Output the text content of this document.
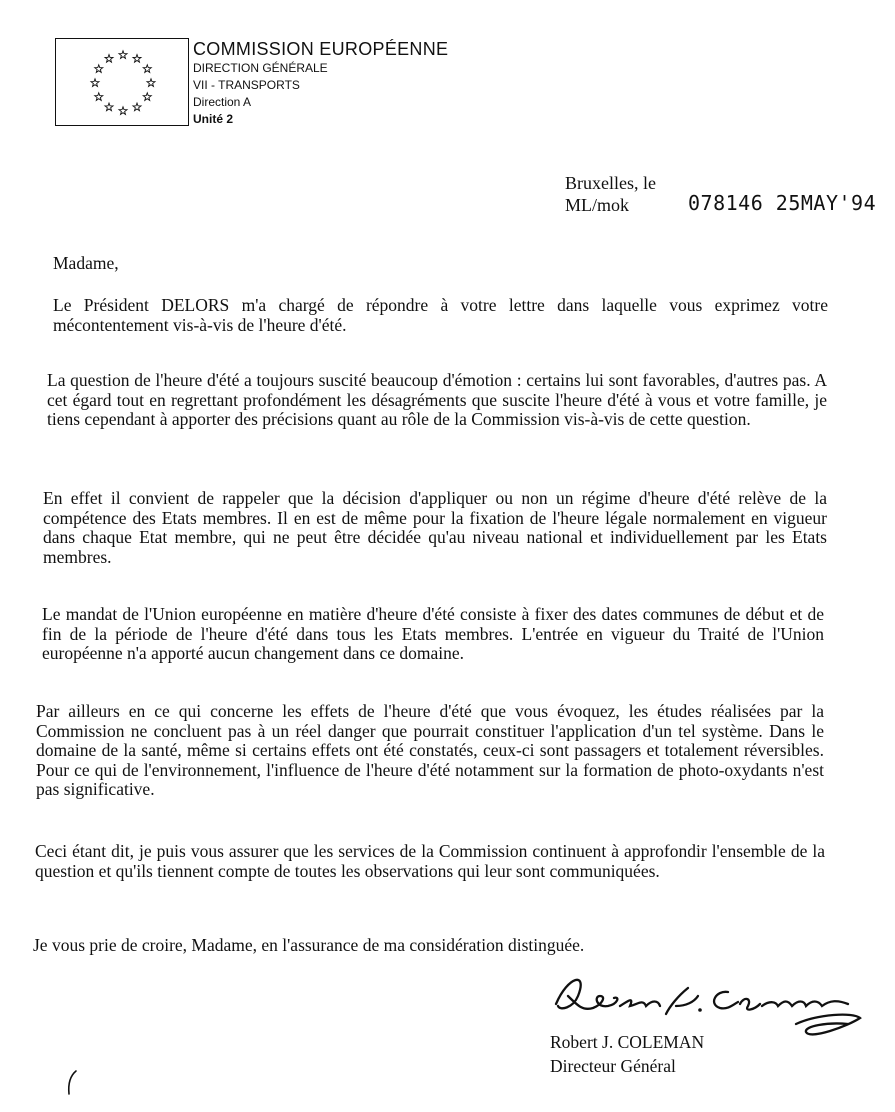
COMMISSION EUROPÉENNE
DIRECTION GÉNÉRALE
VII - TRANSPORTS
Direction A
Unité 2
Bruxelles, le
ML/mok	078146 25MAY'94
Madame,
Le Président DELORS m'a chargé de répondre à votre lettre dans laquelle vous exprimez votre mécontentement vis-à-vis de l'heure d'été.
La question de l'heure d'été a toujours suscité beaucoup d'émotion : certains lui sont favorables, d'autres pas. A cet égard tout en regrettant profondément les désagréments que suscite l'heure d'été à vous et votre famille, je tiens cependant à apporter des précisions quant au rôle de la Commission vis-à-vis de cette question.
En effet il convient de rappeler que la décision d'appliquer ou non un régime d'heure d'été relève de la compétence des Etats membres. Il en est de même pour la fixation de l'heure légale normalement en vigueur dans chaque Etat membre, qui ne peut être décidée qu'au niveau national et individuellement par les Etats membres.
Le mandat de l'Union européenne en matière d'heure d'été consiste à fixer des dates communes de début et de fin de la période de l'heure d'été dans tous les Etats membres. L'entrée en vigueur du Traité de l'Union européenne n'a apporté aucun changement dans ce domaine.
Par ailleurs en ce qui concerne les effets de l'heure d'été que vous évoquez, les études réalisées par la Commission ne concluent pas à un réel danger que pourrait constituer l'application d'un tel système. Dans le domaine de la santé, même si certains effets ont été constatés, ceux-ci sont passagers et totalement réversibles. Pour ce qui de l'environnement, l'influence de l'heure d'été notamment sur la formation de photo-oxydants n'est pas significative.
Ceci étant dit, je puis vous assurer que les services de la Commission continuent à approfondir l'ensemble de la question et qu'ils tiennent compte de toutes les observations qui leur sont communiquées.
Je vous prie de croire, Madame, en l'assurance de ma considération distinguée.
Robert J. COLEMAN
Directeur Général
